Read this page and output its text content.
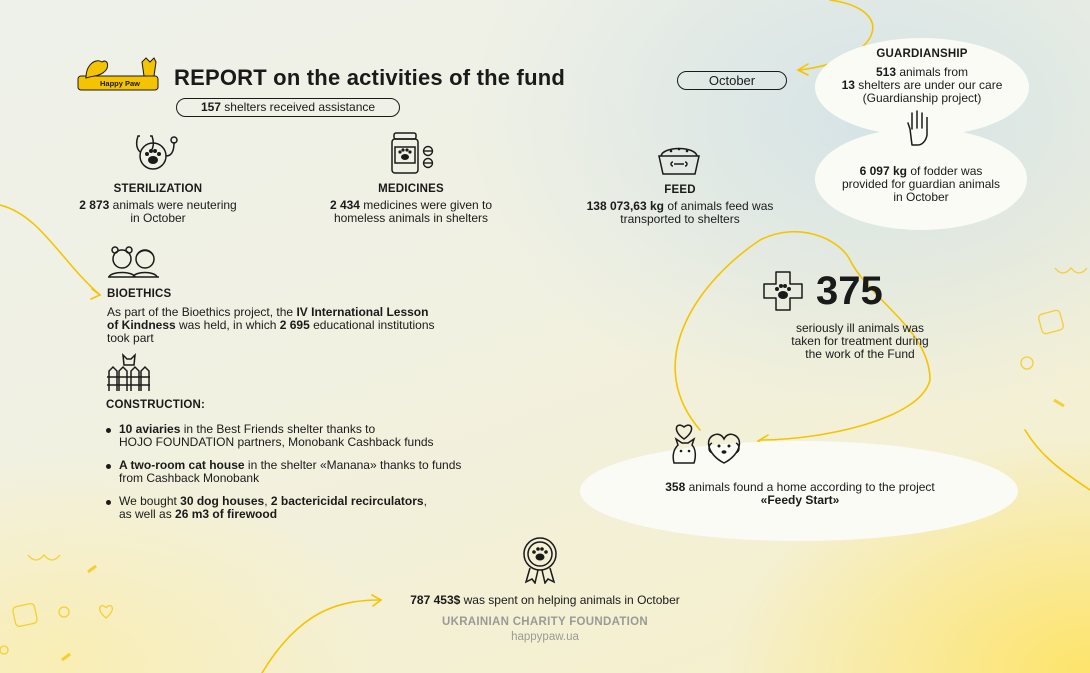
Happy Paw REPORT on the activities of the fund	October
157 shelters received assistance
GUARDIANSHIP
513 animals from
13 shelters are under our care
(Guardianship project)
6 097 kg of fodder was
provided for guardian animals
in October
STERILIZATION
2 873 animals were neutering
in October
MEDICINES
2 434 medicines were given to
homeless animals in shelters
FEED
138 073,63 kg of animals feed was
transported to shelters
BIOETHICS
As part of the Bioethics project, the IV International Lesson
of Kindness was held, in which 2 695 educational institutions
took part
CONSTRUCTION:
10 aviaries in the Best Friends shelter thanks to
HOJO FOUNDATION partners, Monobank Cashback funds
A two-room cat house in the shelter «Manana» thanks to funds
from Cashback Monobank
We bought 30 dog houses, 2 bactericidal recirculators,
as well as 26 m3 of firewood
375
seriously ill animals was
taken for treatment during
the work of the Fund
358 animals found a home according to the project
«Feedy Start»
787 453$ was spent on helping animals in October
UKRAINIAN CHARITY FOUNDATION
happypaw.ua
